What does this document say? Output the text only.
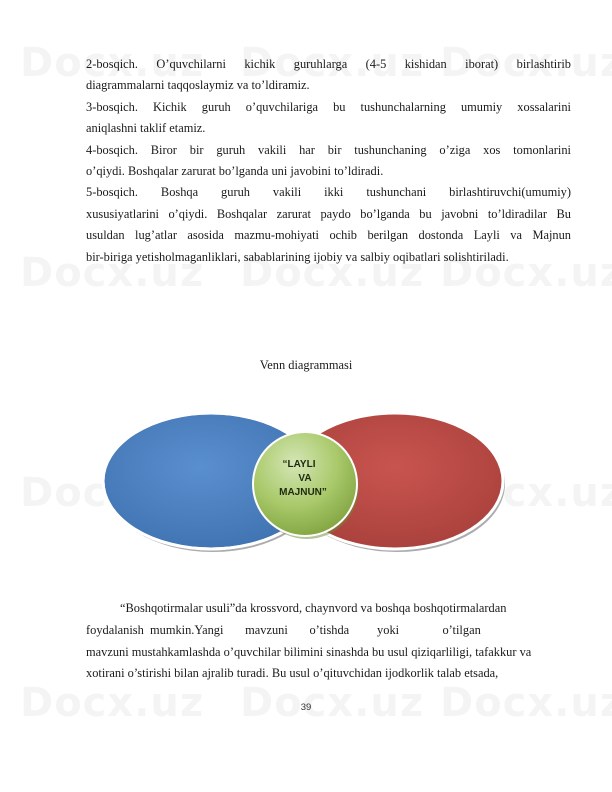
2-bosqich. O’quvchilarni kichik guruhlarga (4-5 kishidan iborat) birlashtirib
diagrammalarni taqqoslaymiz va to’ldiramiz.
3-bosqich. Kichik guruh o’quvchilariga bu tushunchalarning umumiy xossalarini
aniqlashni taklif etamiz.
4-bosqich. Biror bir guruh vakili har bir tushunchaning o’ziga xos tomonlarini
o’qiydi. Boshqalar zarurat bo’lganda uni javobini to’ldiradi.
5-bosqich. Boshqa guruh vakili ikki tushunchani birlashtiruvchi(umumiy)
xususiyatlarini o’qiydi. Boshqalar zarurat paydo bo’lganda bu javobni to’ldiradilar Bu
usuldan lug’atlar asosida mazmu-mohiyati ochib berilgan dostonda Layli va Majnun
bir-biriga yetisholmaganliklari, sabablarining ijobiy va salbiy oqibatlari solishtiriladi.
Venn diagrammasi
“LAYLI
VA
MAJNUN”
“Boshqotirmalar usuli”da krossvord, chaynvord va boshqa boshqotirmalardan
foydalanish  mumkin.Yangi       mavzuni       o’tishda         yoki              o’tilgan
mavzuni mustahkamlashda o’quvchilar bilimini sinashda bu usul qiziqarliligi, tafakkur va
xotirani o’stirishi bilan ajralib turadi. Bu usul o’qituvchidan ijodkorlik talab etsada,
39
